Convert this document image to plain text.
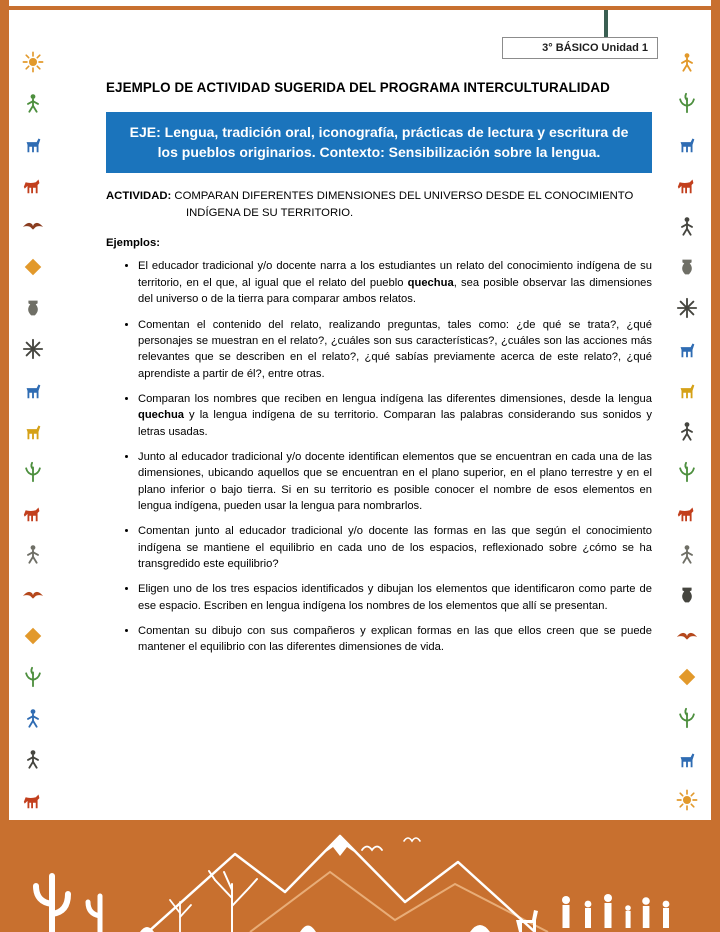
3° BÁSICO Unidad 1
EJEMPLO DE ACTIVIDAD SUGERIDA DEL PROGRAMA INTERCULTURALIDAD
EJE: Lengua, tradición oral, iconografía, prácticas de lectura y escritura de los pueblos originarios. Contexto: Sensibilización sobre la lengua.

ACTIVIDAD: COMPARAN DIFERENTES DIMENSIONES DEL UNIVERSO DESDE EL CONOCIMIENTO INDÍGENA DE SU TERRITORIO.

Ejemplos:

• El educador tradicional y/o docente narra a los estudiantes un relato del conocimiento indígena de su territorio, en el que, al igual que el relato del pueblo quechua, sea posible observar las dimensiones del universo o de la tierra para comparar ambos relatos.
• Comentan el contenido del relato, realizando preguntas, tales como: ¿de qué se trata?, ¿qué personajes se muestran en el relato?, ¿cuáles son sus características?, ¿cuáles son las acciones más relevantes que se describen en el relato?, ¿qué sabías previamente acerca de este relato?, ¿qué aprendiste a partir de él?, entre otras.
• Comparan los nombres que reciben en lengua indígena las diferentes dimensiones, desde la lengua quechua y la lengua indígena de su territorio. Comparan las palabras considerando sus sonidos y letras usadas.
• Junto al educador tradicional y/o docente identifican elementos que se encuentran en cada una de las dimensiones, ubicando aquellos que se encuentran en el plano superior, en el plano terrestre y en el plano inferior o bajo tierra. Si en su territorio es posible conocer el nombre de esos elementos en lengua indígena, pueden usar la lengua para nombrarlos.
• Comentan junto al educador tradicional y/o docente las formas en las que según el conocimiento indígena se mantiene el equilibrio en cada uno de los espacios, reflexionado sobre ¿cómo se ha transgredido este equilibrio?
• Eligen uno de los tres espacios identificados y dibujan los elementos que identificaron como parte de ese espacio. Escriben en lengua indígena los nombres de los elementos que allí se presentan.
• Comentan su dibujo con sus compañeros y explican formas en las que ellos creen que se puede mantener el equilibrio con las diferentes dimensiones de vida.
